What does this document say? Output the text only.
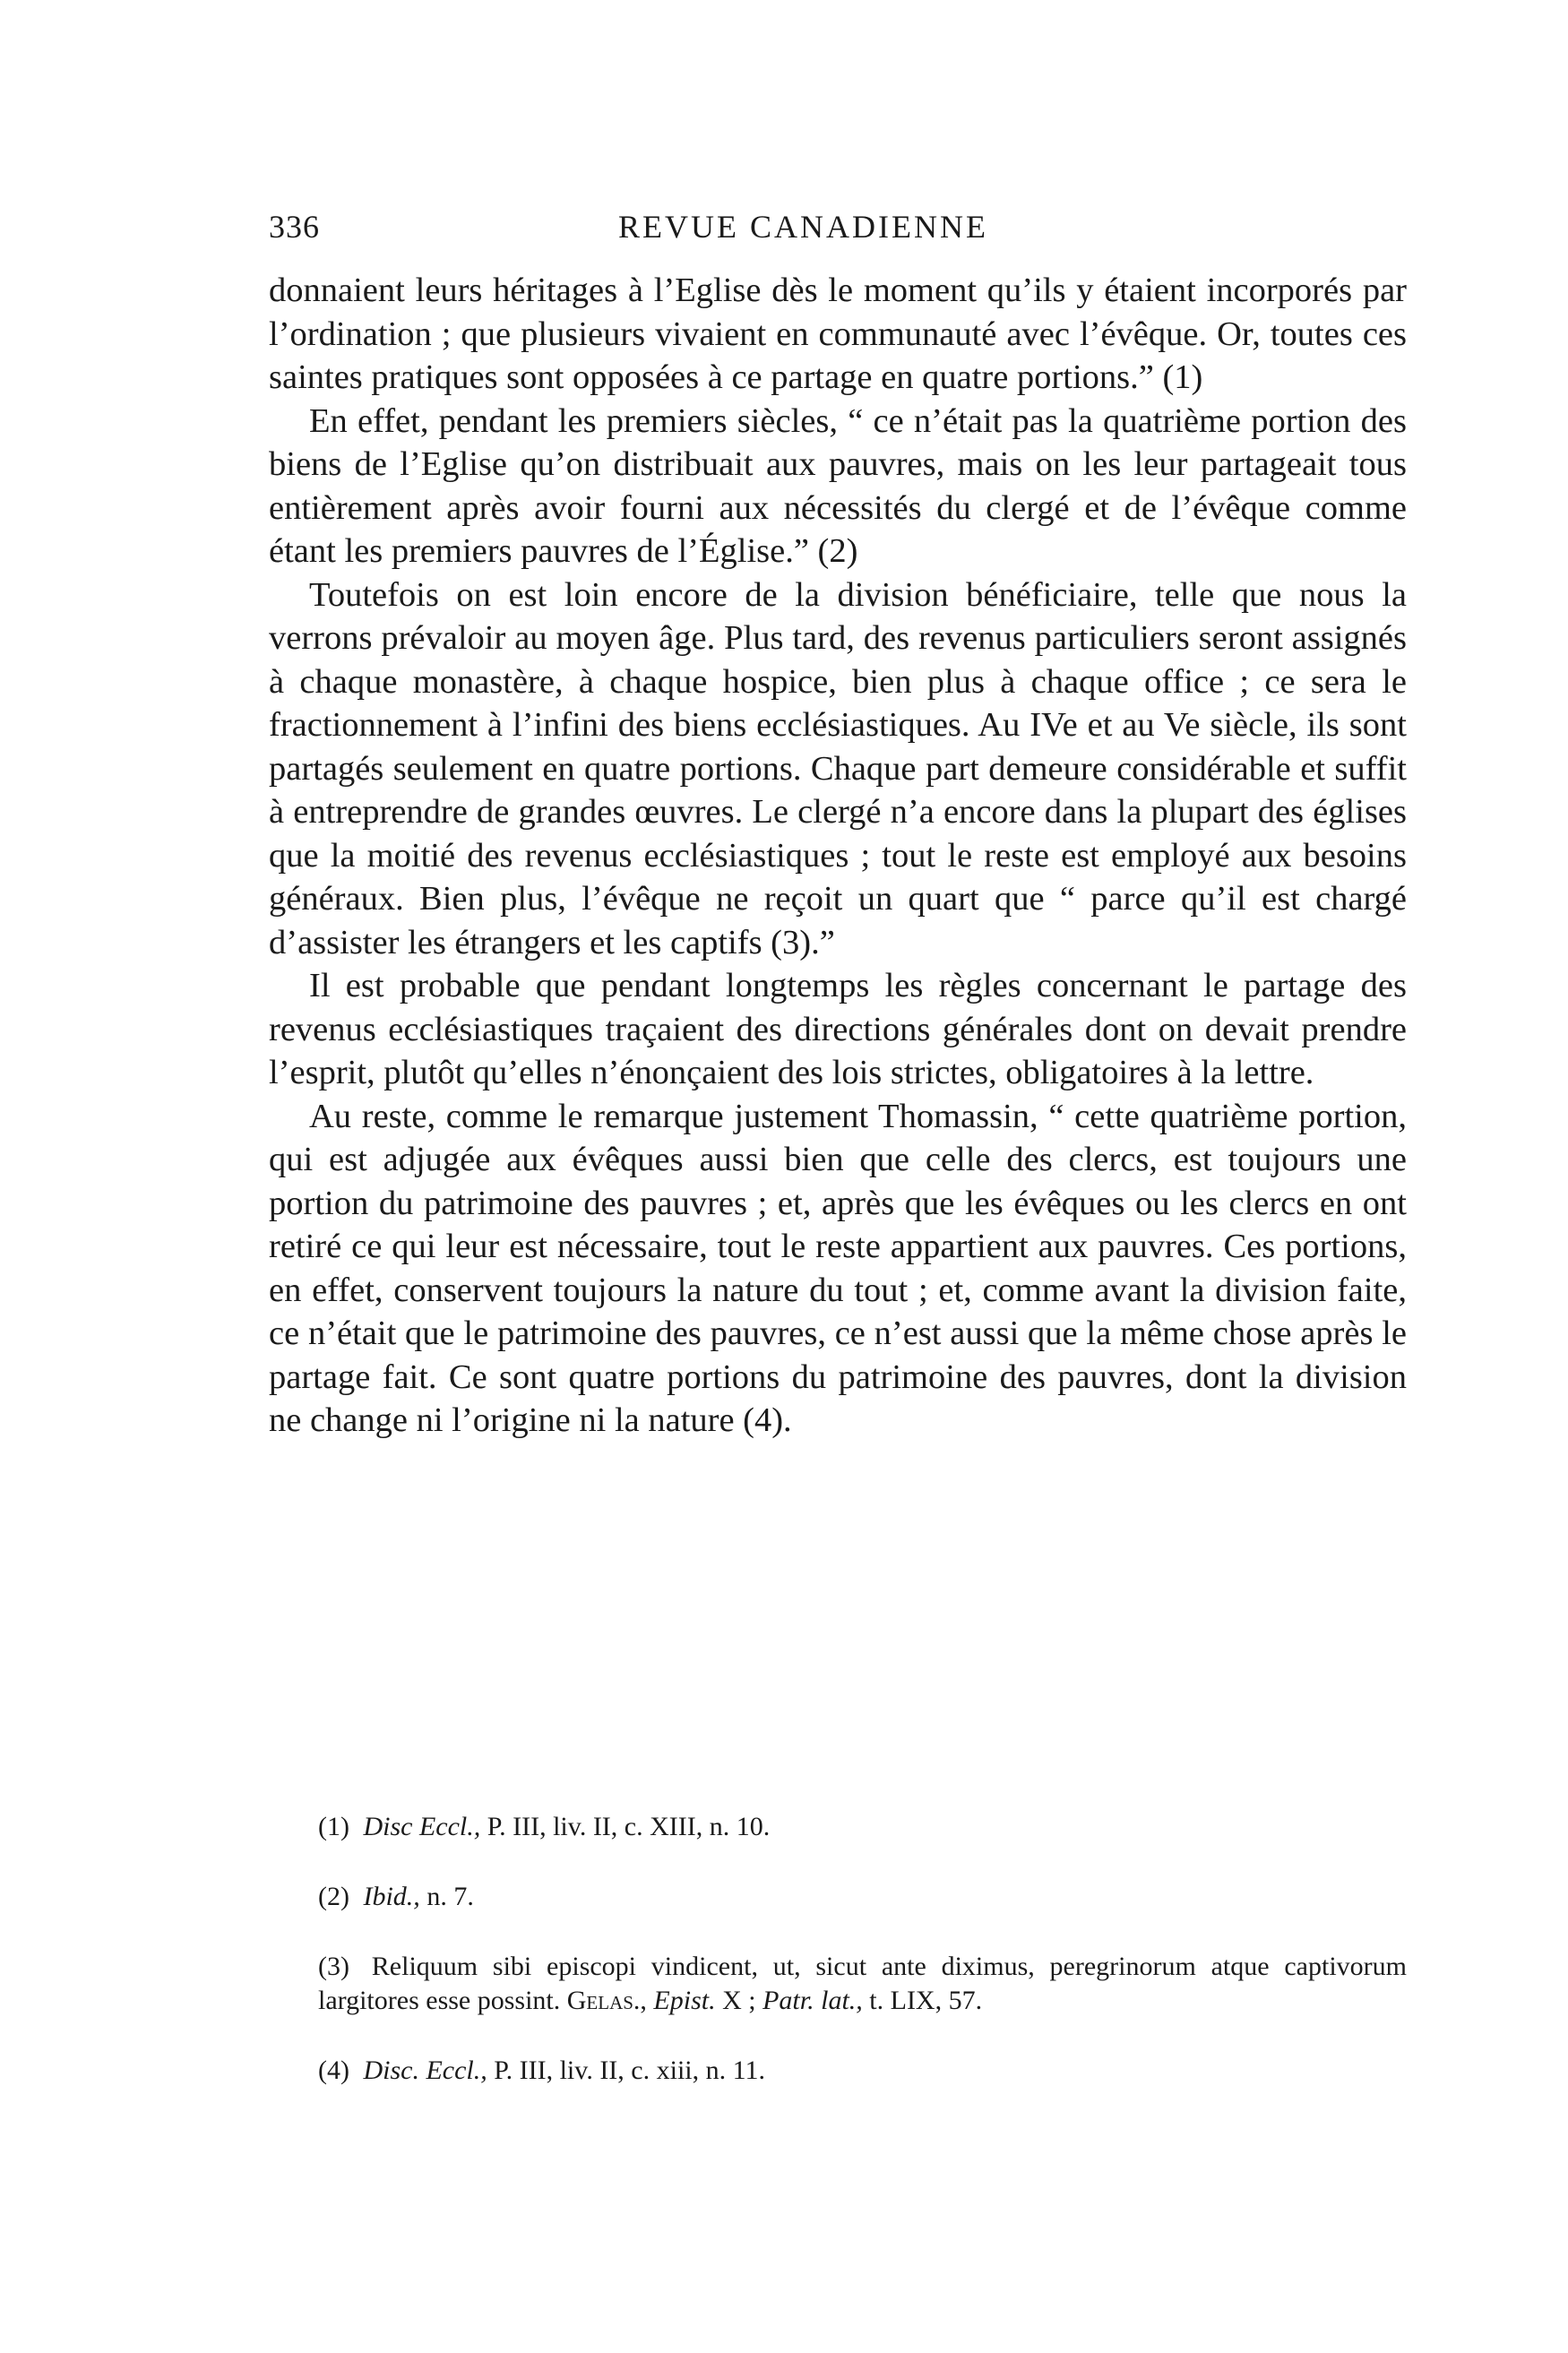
336	REVUE CANADIENNE

donnaient leurs héritages à l’Eglise dès le moment qu’ils y étaient incorporés par l’ordination ; que plusieurs vivaient en communauté avec l’évêque. Or, toutes ces saintes pratiques sont opposées à ce partage en quatre portions.” (1)

En effet, pendant les premiers siècles, “ ce n’était pas la quatrième portion des biens de l’Eglise qu’on distribuait aux pauvres, mais on les leur partageait tous entièrement après avoir fourni aux nécessités du clergé et de l’évêque comme étant les premiers pauvres de l’Église.” (2)

Toutefois on est loin encore de la division bénéficiaire, telle que nous la verrons prévaloir au moyen âge. Plus tard, des revenus particuliers seront assignés à chaque monastère, à chaque hospice, bien plus à chaque office ; ce sera le fractionnement à l’infini des biens ecclésiastiques. Au IVe et au Ve siècle, ils sont partagés seulement en quatre portions. Chaque part demeure considérable et suffit à entreprendre de grandes œuvres. Le clergé n’a encore dans la plupart des églises que la moitié des revenus ecclésiastiques ; tout le reste est employé aux besoins généraux. Bien plus, l’évêque ne reçoit un quart que “ parce qu’il est chargé d’assister les étrangers et les captifs (3).”

Il est probable que pendant longtemps les règles concernant le partage des revenus ecclésiastiques traçaient des directions générales dont on devait prendre l’esprit, plutôt qu’elles n’énonçaient des lois strictes, obligatoires à la lettre.

Au reste, comme le remarque justement Thomassin, “ cette quatrième portion, qui est adjugée aux évêques aussi bien que celle des clercs, est toujours une portion du patrimoine des pauvres ; et, après que les évêques ou les clercs en ont retiré ce qui leur est nécessaire, tout le reste appartient aux pauvres. Ces portions, en effet, conservent toujours la nature du tout ; et, comme avant la division faite, ce n’était que le patrimoine des pauvres, ce n’est aussi que la même chose après le partage fait. Ce sont quatre portions du patrimoine des pauvres, dont la division ne change ni l’origine ni la nature (4).

(1) Disc Eccl., P. III, liv. II, c. XIII, n. 10.

(2) Ibid., n. 7.

(3) Reliquum sibi episcopi vindicent, ut, sicut ante diximus, peregrinorum atque captivorum largitores esse possint. Gelas., Epist. X ; Patr. lat., t. LIX, 57.

(4) Disc. Eccl., P. III, liv. II, c. xiii, n. 11.
